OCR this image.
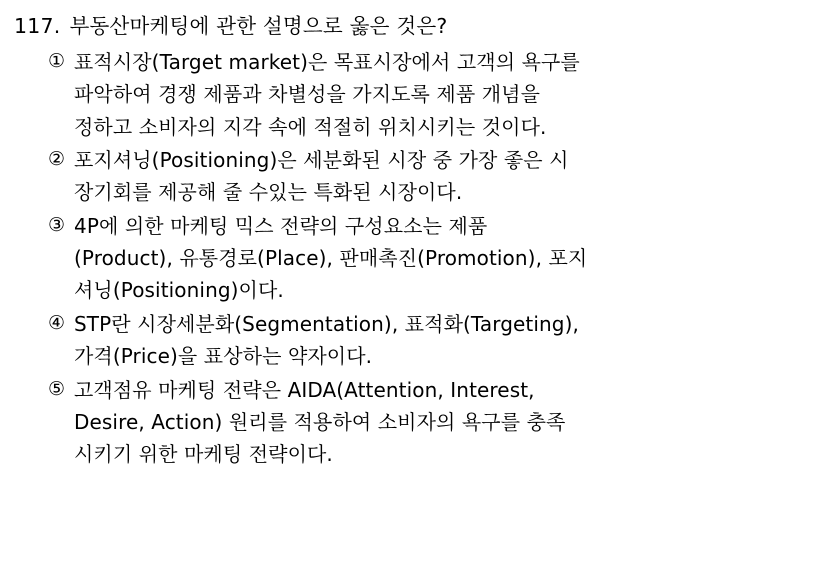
117. 부동산마케팅에 관한 설명으로 옳은 것은?
① 표적시장(Target market)은 목표시장에서 고객의 욕구를
파악하여 경쟁 제품과 차별성을 가지도록 제품 개념을
정하고 소비자의 지각 속에 적절히 위치시키는 것이다.
② 포지셔닝(Positioning)은 세분화된 시장 중 가장 좋은 시
장기회를 제공해 줄 수있는 특화된 시장이다.
③ 4P에 의한 마케팅 믹스 전략의 구성요소는 제품
(Product), 유통경로(Place), 판매촉진(Promotion), 포지
셔닝(Positioning)이다.
④ STP란 시장세분화(Segmentation), 표적화(Targeting),
가격(Price)을 표상하는 약자이다.
⑤ 고객점유 마케팅 전략은 AIDA(Attention, Interest,
Desire, Action) 원리를 적용하여 소비자의 욕구를 충족
시키기 위한 마케팅 전략이다.
